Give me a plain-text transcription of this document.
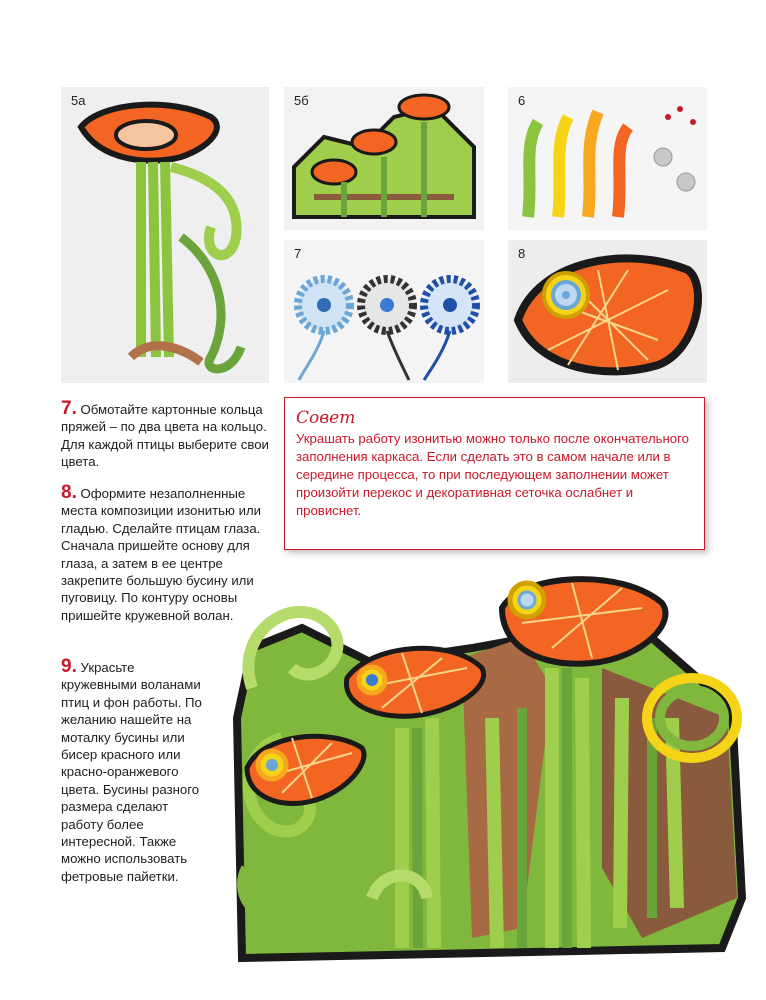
5а	5б	6
7	8

7. Обмотайте картонные кольца пряжей – по два цвета на кольцо. Для каждой птицы выберите свои цвета.

8. Оформите незаполненные места композиции изонитью или гладью. Сделайте птицам глаза. Сначала пришейте основу для глаза, а затем в ее центре закрепите большую бусину или пуговицу. По контуру основы пришейте кружевной волан.

9. Украсьте кружевными воланами птиц и фон работы. По желанию нашейте на моталку бусины или бисер красного или красно-оранжевого цвета. Бусины разного размера сделают работу более интересной. Также можно использовать фетровые пайетки.

Совет

Украшать работу изонитью можно только после окончательного заполнения каркаса. Если сделать это в самом начале или в середине процесса, то при последующем заполнении может произойти перекос и декоративная сеточка ослабнет и провиснет.
